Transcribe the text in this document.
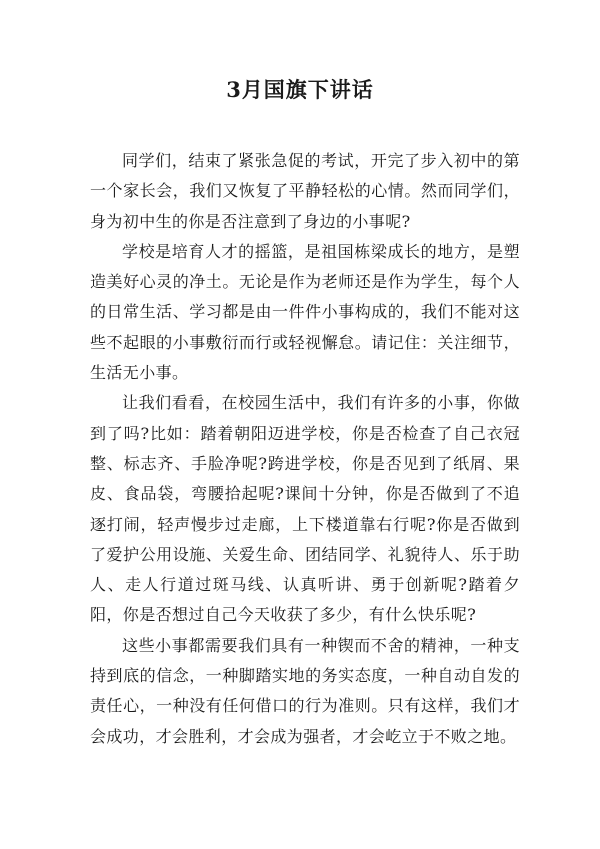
3月国旗下讲话

同学们，结束了紧张急促的考试，开完了步入初中的第一个家长会，我们又恢复了平静轻松的心情。然而同学们，身为初中生的你是否注意到了身边的小事呢?

学校是培育人才的摇篮，是祖国栋梁成长的地方，是塑造美好心灵的净土。无论是作为老师还是作为学生，每个人的日常生活、学习都是由一件件小事构成的，我们不能对这些不起眼的小事敷衍而行或轻视懈怠。请记住：关注细节，生活无小事。

让我们看看，在校园生活中，我们有许多的小事，你做到了吗?比如：踏着朝阳迈进学校，你是否检查了自己衣冠整、标志齐、手脸净呢?跨进学校，你是否见到了纸屑、果皮、食品袋，弯腰拾起呢?课间十分钟，你是否做到了不追逐打闹，轻声慢步过走廊，上下楼道靠右行呢?你是否做到了爱护公用设施、关爱生命、团结同学、礼貌待人、乐于助人、走人行道过斑马线、认真听讲、勇于创新呢?踏着夕阳，你是否想过自己今天收获了多少，有什么快乐呢?

这些小事都需要我们具有一种锲而不舍的精神，一种支持到底的信念，一种脚踏实地的务实态度，一种自动自发的责任心，一种没有任何借口的行为准则。只有这样，我们才会成功，才会胜利，才会成为强者，才会屹立于不败之地。
